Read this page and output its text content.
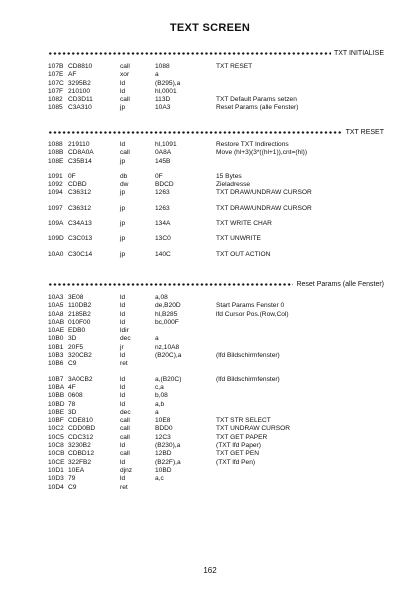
TEXT SCREEN
TXT INITIALISE
107B CD8810	call	1088	TXT RESET
107E AF	xor	a
107C 3295B2	ld	(B295),a
107F 210100	ld	hl,0001
1082 CD3D11	call	113D	TXT Default Params setzen
1085 C3A310	jp	10A3	Reset Params (alle Fenster)
TXT RESET
1088 219110	ld	hl,1091	Restore TXT Indirections
108B CD8A0A	call	0A8A	Move (hl+3)(3*((hl+1)),cnt=(hl))
108E C35B14	jp	145B
1091 0F	db	0F	15 Bytes
1092 CDBD	dw	BDCD	Zieladresse
1094 C36312	jp	1263	TXT DRAW/UNDRAW CURSOR
1097 C36312	jp	1263	TXT DRAW/UNDRAW CURSOR
109A C34A13	jp	134A	TXT WRITE CHAR
109D C3C013	jp	13C0	TXT UNWRITE
10A0 C30C14	jp	140C	TXT OUT ACTION
Reset Params (alle Fenster)
10A3 3E08	ld	a,08
10A5 110DB2	ld	de,B20D	Start Params Fenster 0
10A8 2185B2	ld	hl,B285	lfd Cursor Pos.(Row,Col)
10AB 010F00	ld	bc,000F
10AE EDB0	ldir
10B0 3D	dec	a
10B1 20F5	jr	nz,10A8
10B3 320CB2	ld	(B20C),a	(lfd Bildschirmfenster)
10B6 C9	ret
10B7 3A0CB2	ld	a,(B20C)	(lfd Bildschirmfenster)
10BA 4F	ld	c,a
10BB 0608	ld	b,08
10BD 78	ld	a,b
10BE 3D	dec	a
10BF CDE810	call	10E8	TXT STR SELECT
10C2 CDD0BD	call	BDD0	TXT UNDRAW CURSOR
10C5 CDC312	call	12C3	TXT GET PAPER
10C8 3230B2	ld	(B230),a	(TXT lfd Paper)
10CB CDBD12	call	12BD	TXT GET PEN
10CE 322FB2	ld	(B22F),a	(TXT lfd Pen)
10D1 10EA	djnz	10BD
10D3 79	ld	a,c
10D4 C9	ret
162
